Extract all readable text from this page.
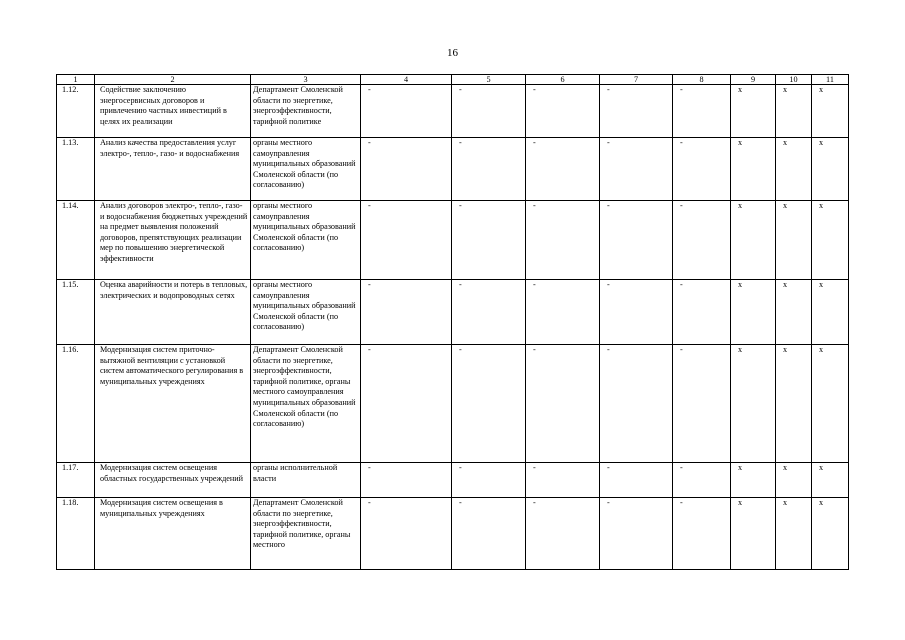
16
1	2	3	4	5	6	7	8	9	10	11
1.12.	Содействие заключению энергосервисных договоров и привлечению частных инвестиций в целях их реализации	Департамент Смоленской области по энергетике, энергоэффективности, тарифной политике	-	-	-	-	-	х	х	х
1.13.	Анализ качества предоставления услуг электро-, тепло-, газо- и водоснабжения	органы местного самоуправления муниципальных образований Смоленской области (по согласованию)	-	-	-	-	-	х	х	х
1.14.	Анализ договоров электро-, тепло-, газо- и водоснабжения бюджетных учреждений на предмет выявления положений договоров, препятствующих реализации мер по повышению энергетической эффективности	органы местного самоуправления муниципальных образований Смоленской области (по согласованию)	-	-	-	-	-	х	х	х
1.15.	Оценка аварийности и потерь в тепловых, электрических и водопроводных сетях	органы местного самоуправления муниципальных образований Смоленской области (по согласованию)	-	-	-	-	-	х	х	х
1.16.	Модернизация систем приточно-вытяжной вентиляции с установкой систем автоматического регулирования в муниципальных учреждениях	Департамент Смоленской области по энергетике, энергоэффективности, тарифной политике, органы местного самоуправления муниципальных образований Смоленской области (по согласованию)	-	-	-	-	-	х	х	х
1.17.	Модернизация систем освещения областных государственных учреждений	органы исполнительной власти	-	-	-	-	-	х	х	х
1.18.	Модернизация систем освещения в муниципальных учреждениях	Департамент Смоленской области по энергетике, энергоэффективности, тарифной политике, органы местного	-	-	-	-	-	х	х	х
